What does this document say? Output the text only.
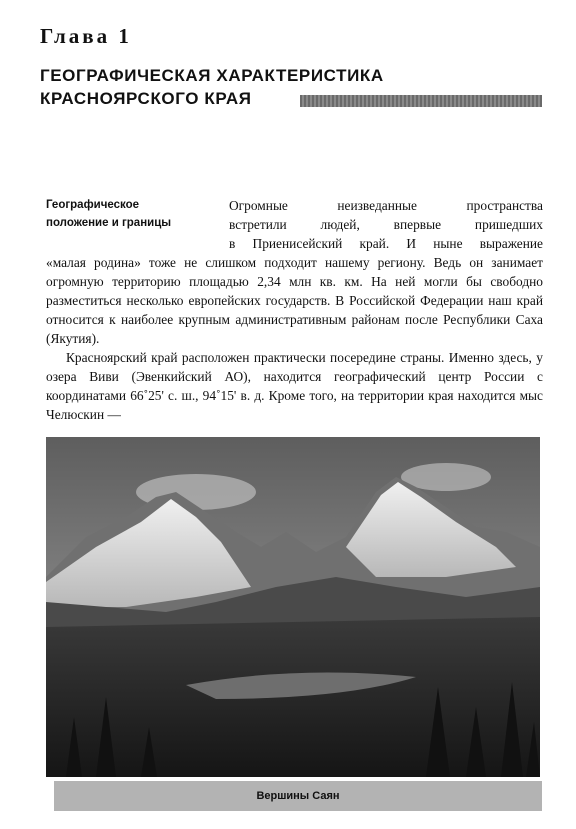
Глава 1
ГЕОГРАФИЧЕСКАЯ ХАРАКТЕРИСТИКА
КРАСНОЯРСКОГО КРАЯ
Географическое
положение и границы
Огромные неизведанные пространства
встретили людей, впервые пришедших
в Приенисейский край. И ныне выражение

«малая родина» тоже не слишком подходит нашему региону. Ведь он занимает огромную территорию площадью 2,34 млн кв. км. На ней могли бы свободно разместиться несколько европейских государств. В Российской Федерации наш край относится к наиболее крупным административным районам после Республики Саха (Якутия).

Красноярский край расположен практически посередине страны. Именно здесь, у озера Виви (Эвенкийский АО), находится географический центр России с координатами 66˚25' с. ш., 94˚15' в. д. Кроме того, на территории края находится мыс Челюскин —

Вершины Саян
